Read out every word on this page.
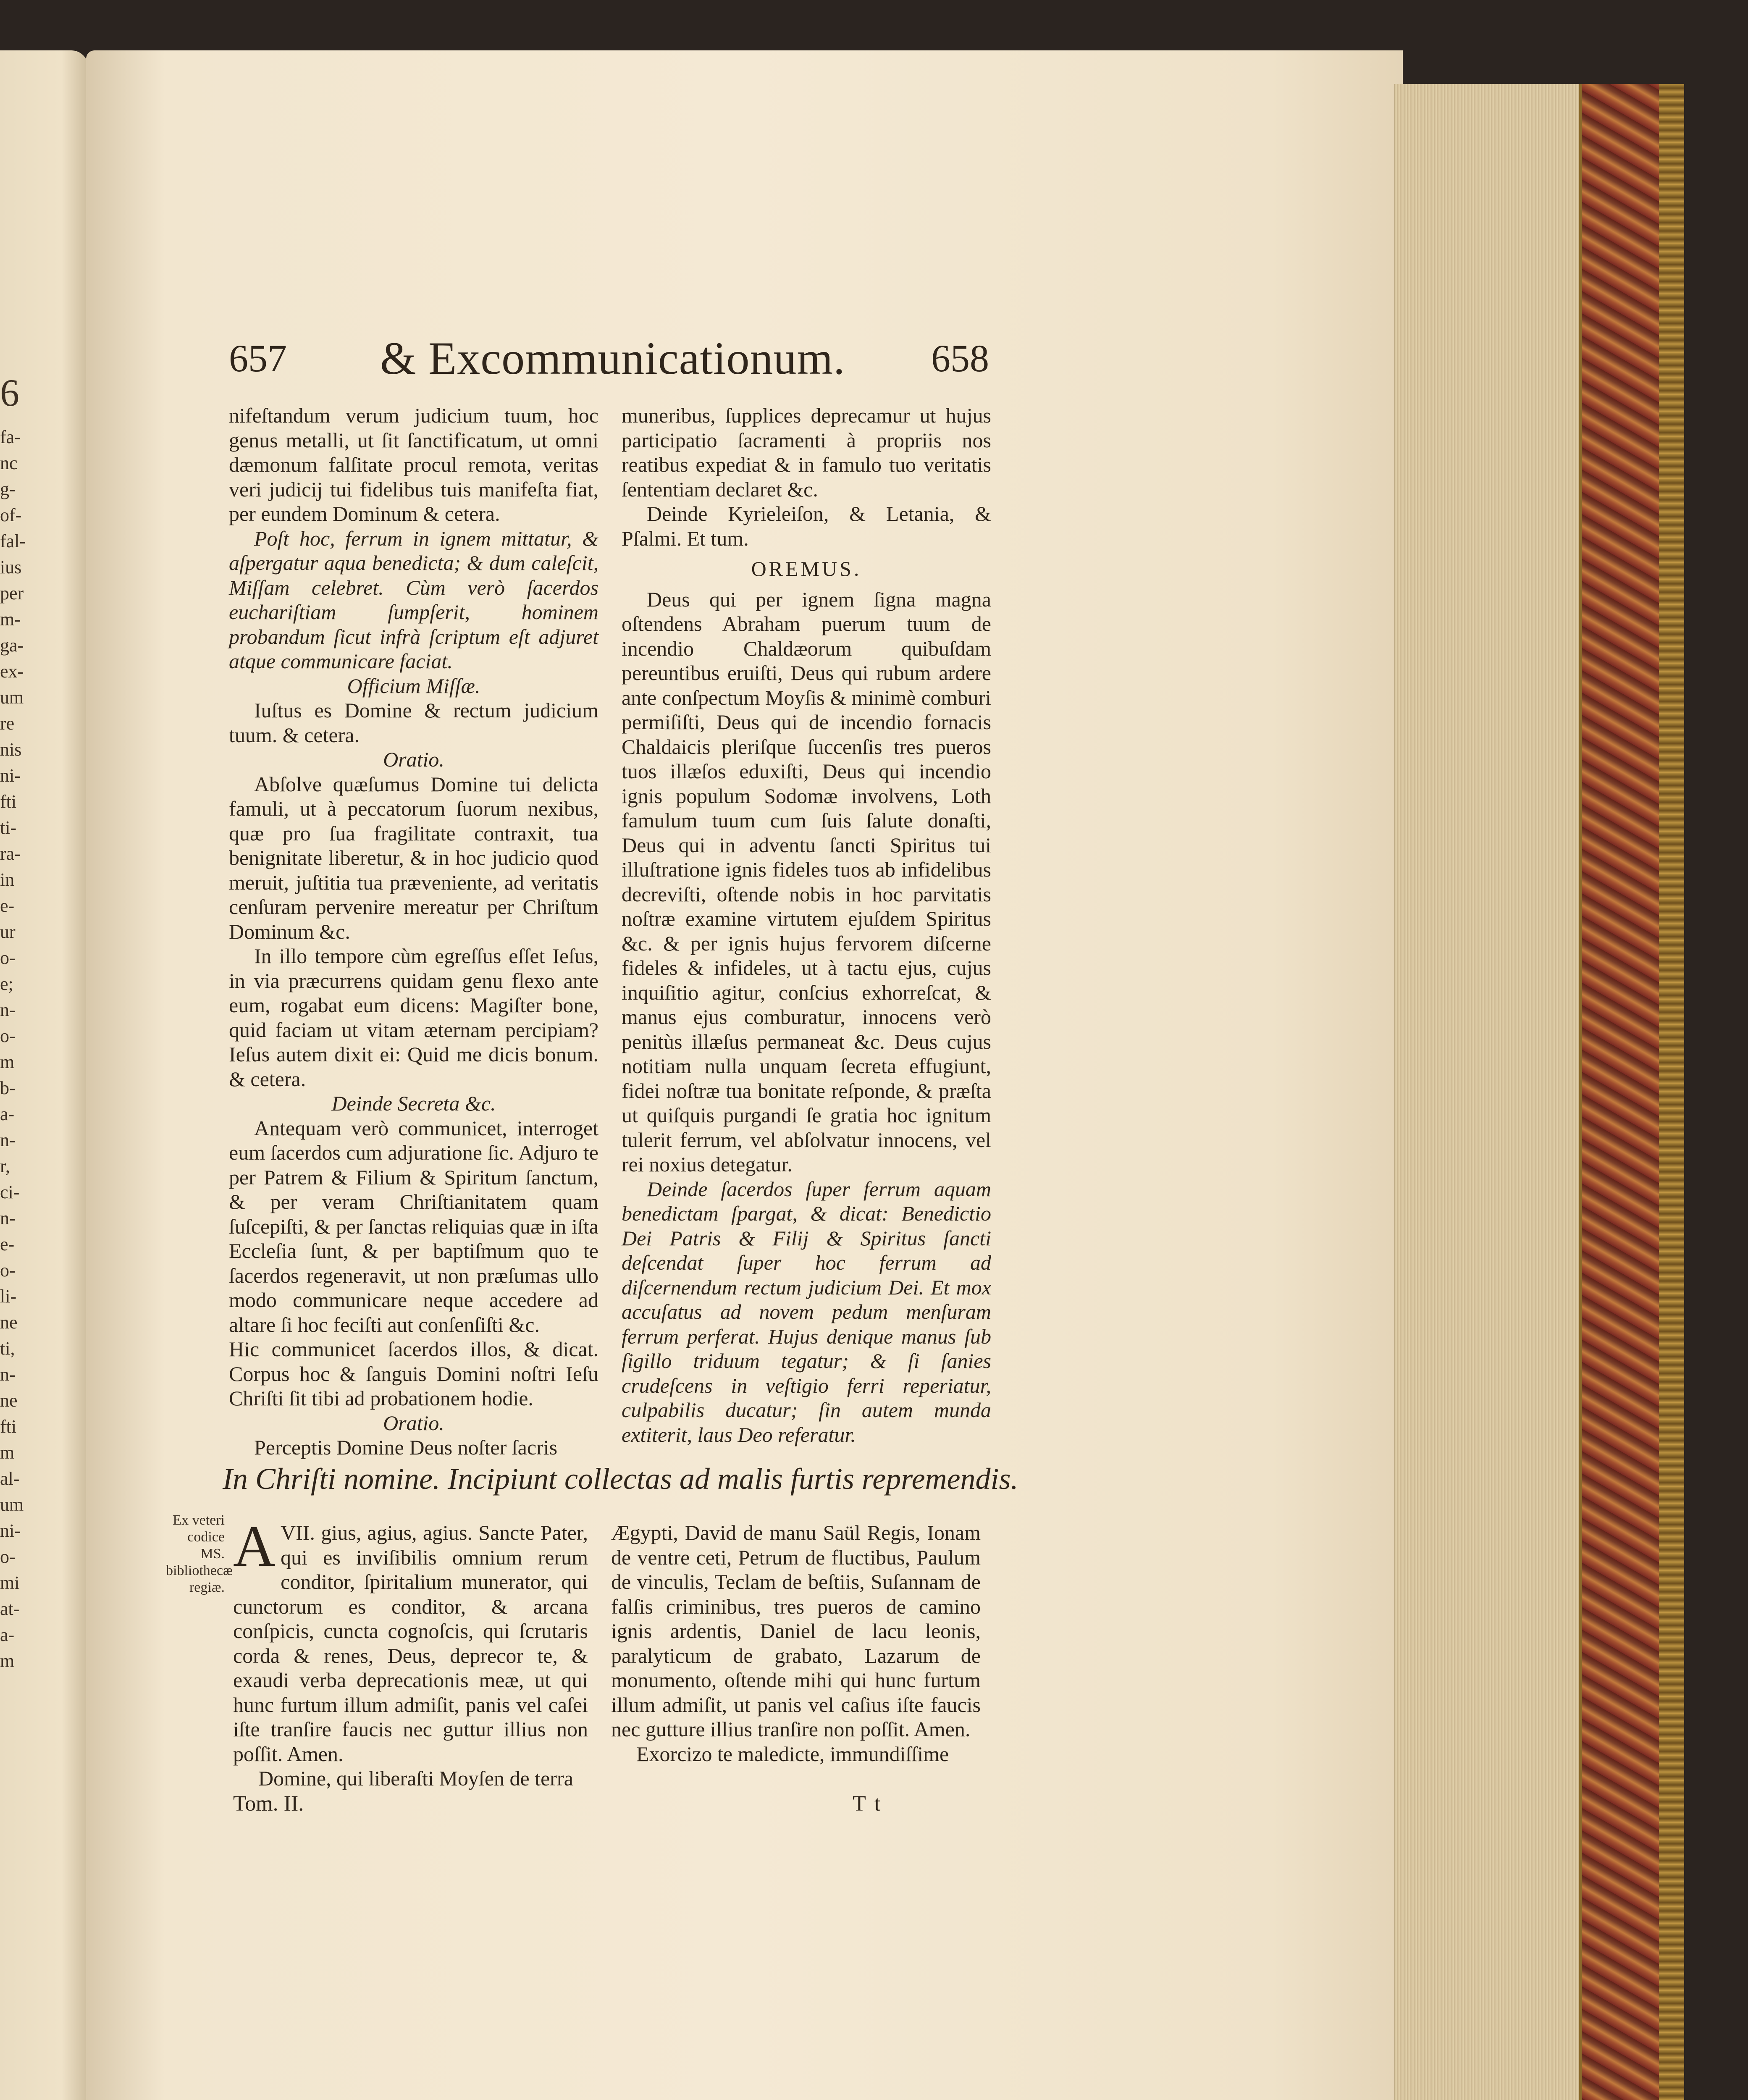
6
fa-
nc
g-
of-
fal-
ius
per
m-
ga-
ex-
um
re
nis
ni-
fti
ti-
ra-
in
e-
ur
o-
e;
n-
o-
m
b-
a-
n-
r,
ci-
n-
e-
o-
li-
ne
ti,
n-
ne
fti
m
al-
um
ni-
o-
mi
at-
a-
m
657 & Excommunicationum. 658

nifeſtandum verum judicium tuum, hoc genus metalli, ut ſit ſanctificatum, ut omni dæmonum falſitate procul remota, veritas veri judicij tui fidelibus tuis manifeſta fiat, per eundem Dominum & cetera.

Poſt hoc, ferrum in ignem mittatur, & aſpergatur aqua benedicta; & dum caleſcit, Miſſam celebret. Cùm verò ſacerdos euchariſtiam ſumpſerit, hominem probandum ſicut infrà ſcriptum eſt adjuret atque communicare faciat.

Officium Miſſæ.

Iuſtus es Domine & rectum judicium tuum. & cetera.

Oratio.

Abſolve quæſumus Domine tui delicta famuli, ut à peccatorum ſuorum nexibus, quæ pro ſua fragilitate contraxit, tua benignitate liberetur, & in hoc judicio quod meruit, juſtitia tua præveniente, ad veritatis cenſuram pervenire mereatur per Chriſtum Dominum &c.

In illo tempore cùm egreſſus eſſet Ieſus, in via præcurrens quidam genu flexo ante eum, rogabat eum dicens: Magiſter bone, quid faciam ut vitam æternam percipiam? Ieſus autem dixit ei: Quid me dicis bonum. & cetera.

Deinde Secreta &c.

Antequam verò communicet, interroget eum ſacerdos cum adjuratione ſic. Adjuro te per Patrem & Filium & Spiritum ſanctum, & per veram Chriſtianitatem quam ſuſcepiſti, & per ſanctas reliquias quæ in iſta Eccleſia ſunt, & per baptiſmum quo te ſacerdos regeneravit, ut non præſumas ullo modo communicare neque accedere ad altare ſi hoc feciſti aut conſenſiſti &c.

Hic communicet ſacerdos illos, & dicat. Corpus hoc & ſanguis Domini noſtri Ieſu Chriſti ſit tibi ad probationem hodie.

Oratio.

Perceptis Domine Deus noſter ſacris

muneribus, ſupplices deprecamur ut hujus participatio ſacramenti à propriis nos reatibus expediat & in famulo tuo veritatis ſententiam declaret &c.

Deinde Kyrieleiſon, & Letania, & Pſalmi. Et tum.

OREMUS.

Deus qui per ignem ſigna magna oſtendens Abraham puerum tuum de incendio Chaldæorum quibuſdam pereuntibus eruiſti, Deus qui rubum ardere ante conſpectum Moyſis & minimè comburi permiſiſti, Deus qui de incendio fornacis Chaldaicis pleriſque ſuccenſis tres pueros tuos illæſos eduxiſti, Deus qui incendio ignis populum Sodomæ involvens, Loth famulum tuum cum ſuis ſalute donaſti, Deus qui in adventu ſancti Spiritus tui illuſtratione ignis fideles tuos ab infidelibus decreviſti, oſtende nobis in hoc parvitatis noſtræ examine virtutem ejuſdem Spiritus &c. & per ignis hujus fervorem diſcerne fideles & infideles, ut à tactu ejus, cujus inquiſitio agitur, conſcius exhorreſcat, & manus ejus comburatur, innocens verò penitùs illæſus permaneat &c. Deus cujus notitiam nulla unquam ſecreta effugiunt, fidei noſtræ tua bonitate reſponde, & præſta ut quiſquis purgandi ſe gratia hoc ignitum tulerit ferrum, vel abſolvatur innocens, vel rei noxius detegatur.

Deinde ſacerdos ſuper ferrum aquam benedictam ſpargat, & dicat: Benedictio Dei Patris & Filij & Spiritus ſancti deſcendat ſuper hoc ferrum ad diſcernendum rectum judicium Dei. Et mox accuſatus ad novem pedum menſuram ferrum perferat. Hujus denique manus ſub ſigillo triduum tegatur; & ſi ſanies crudeſcens in veſtigio ferri reperiatur, culpabilis ducatur; ſin autem munda extiterit, laus Deo referatur.

In Chriſti nomine. Incipiunt collectas ad malis furtis repremendis.
Ex veteri codice MS. bibliothecæ regiæ.

VII.
A gius, agius, agius. Sancte Pater, qui es inviſibilis omnium rerum conditor, ſpiritalium munerator, qui cunctorum es conditor, & arcana conſpicis, cuncta cognoſcis, qui ſcrutaris corda & renes, Deus, deprecor te, & exaudi verba deprecationis meæ, ut qui hunc furtum illum admiſit, panis vel caſei iſte tranſire faucis nec guttur illius non poſſit. Amen.

Domine, qui liberaſti Moyſen de terra

Ægypti, David de manu Saül Regis, Ionam de ventre ceti, Petrum de fluctibus, Paulum de vinculis, Teclam de beſtiis, Suſannam de falſis criminibus, tres pueros de camino ignis ardentis, Daniel de lacu leonis, paralyticum de grabato, Lazarum de monumento, oſtende mihi qui hunc furtum illum admiſit, ut panis vel caſius iſte faucis nec gutture illius tranſire non poſſit. Amen.

Exorcizo te maledicte, immundiſſime

Tom. II.	T t
